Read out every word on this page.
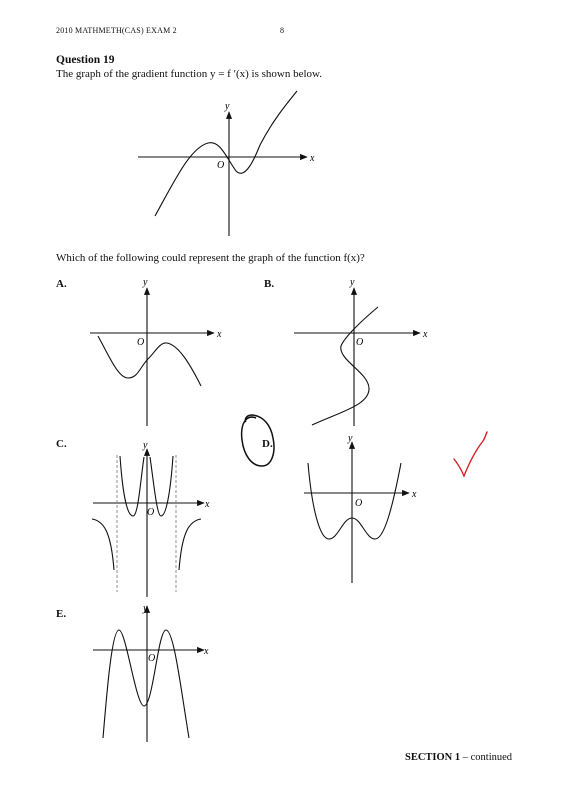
2010 MATHMETH(CAS) EXAM 2	8
Question 19
The graph of the gradient function y = f ′(x) is shown below.
Which of the following could represent the graph of the function f(x)?
A.	B.
C.	D.
E.
y
x
O
y
x
O
y
x
O
y
x
O
y
x
O
y
x
O
SECTION 1 – continued
